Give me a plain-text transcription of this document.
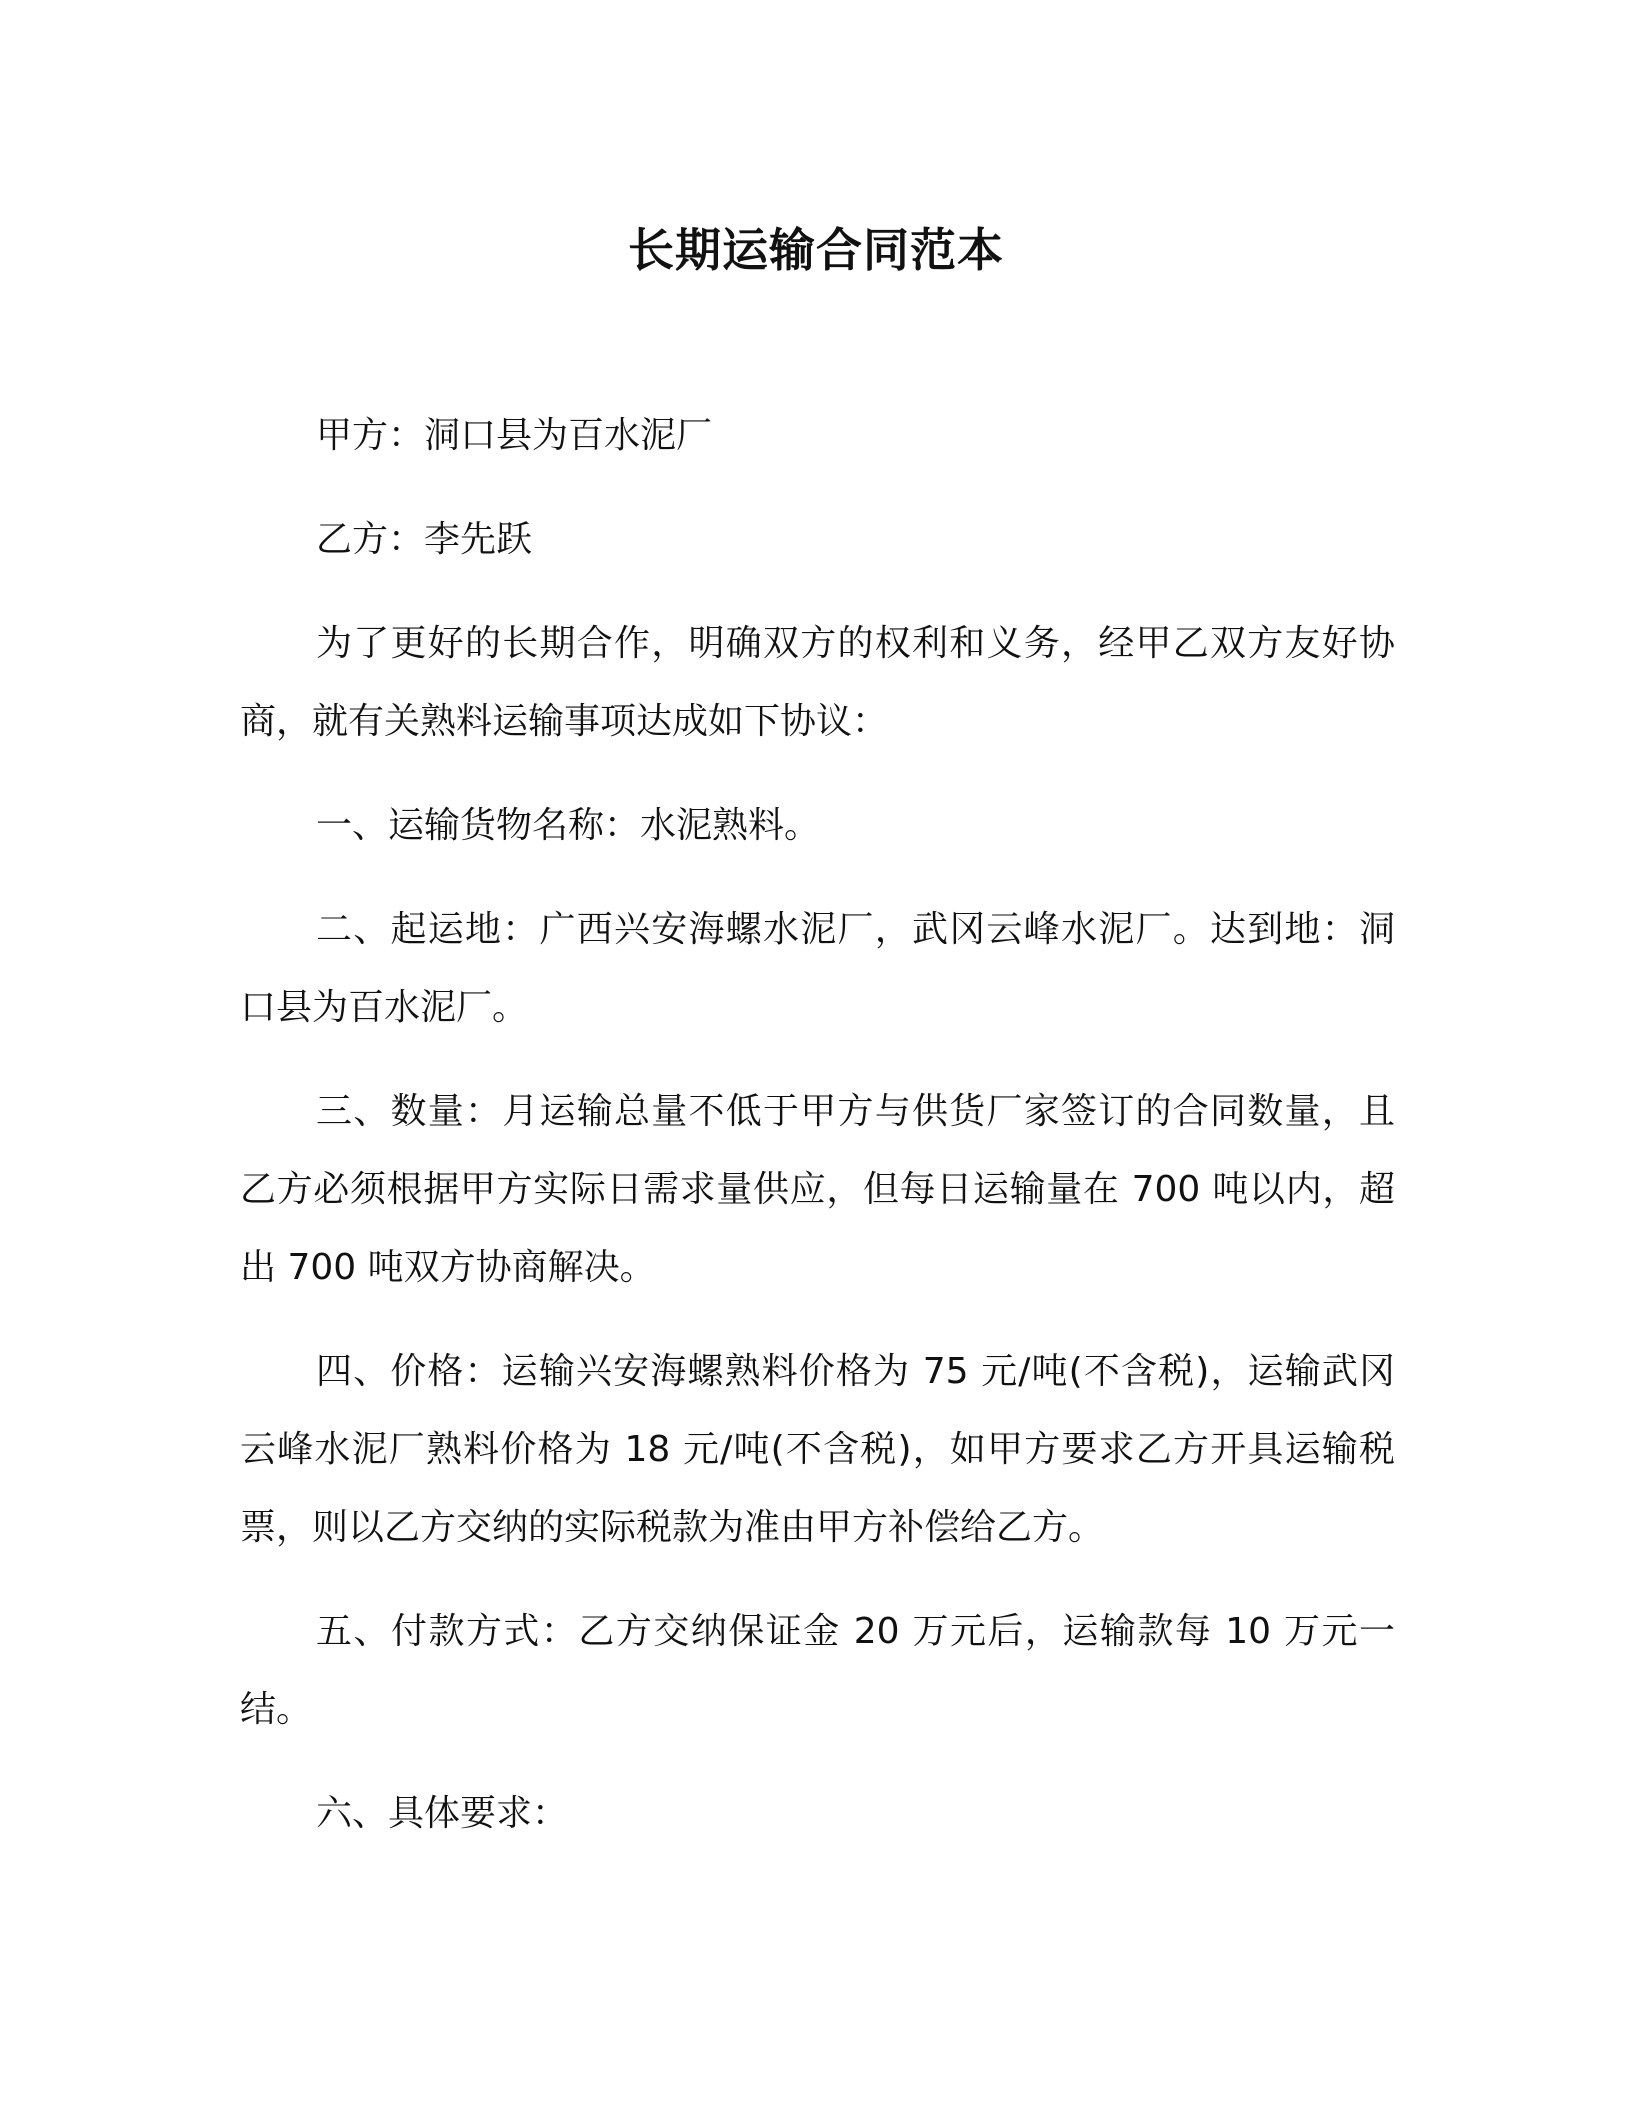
长期运输合同范本

甲方：洞口县为百水泥厂

乙方：李先跃

为了更好的长期合作，明确双方的权利和义务，经甲乙双方友好协商，就有关熟料运输事项达成如下协议：

一、运输货物名称：水泥熟料。

二、起运地：广西兴安海螺水泥厂，武冈云峰水泥厂。达到地：洞口县为百水泥厂。

三、数量：月运输总量不低于甲方与供货厂家签订的合同数量，且乙方必须根据甲方实际日需求量供应，但每日运输量在 700 吨以内，超出 700 吨双方协商解决。

四、价格：运输兴安海螺熟料价格为 75 元/吨(不含税)，运输武冈云峰水泥厂熟料价格为 18 元/吨(不含税)，如甲方要求乙方开具运输税票，则以乙方交纳的实际税款为准由甲方补偿给乙方。

五、付款方式：乙方交纳保证金 20 万元后，运输款每 10 万元一结。

六、具体要求：
